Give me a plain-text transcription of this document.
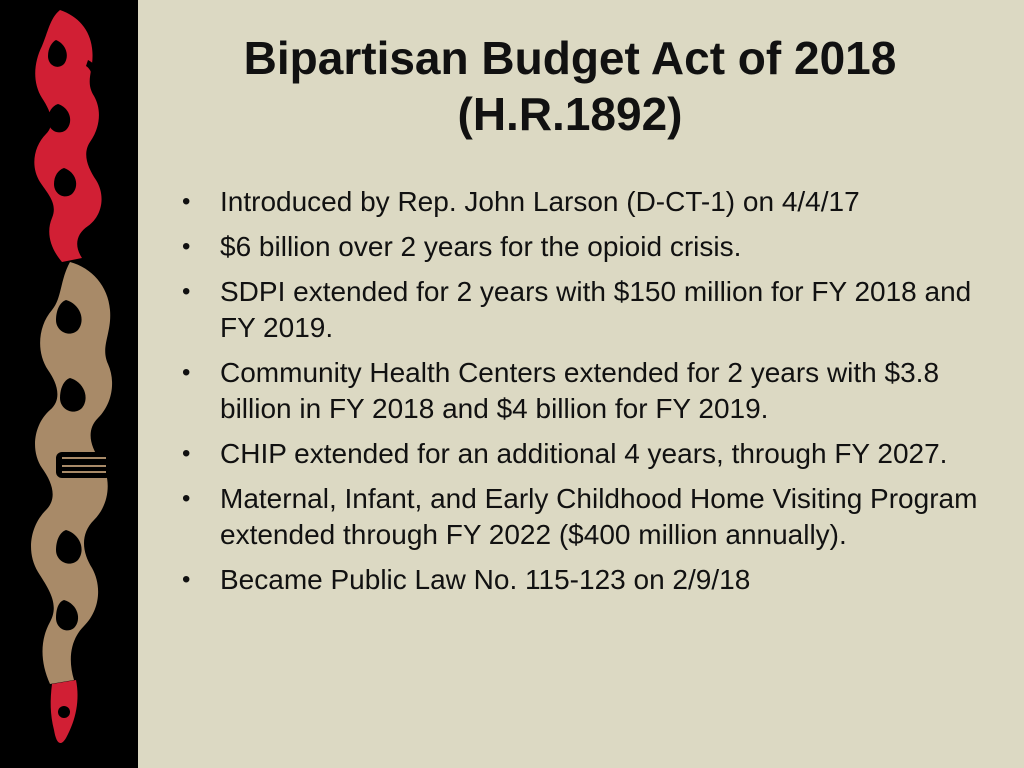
Bipartisan Budget Act of 2018
(H.R.1892)
• Introduced by Rep. John Larson (D-CT-1) on 4/4/17
• $6 billion over 2 years for the opioid crisis.
• SDPI extended for 2 years with $150 million for FY 2018 and FY 2019.
• Community Health Centers extended for 2 years with $3.8 billion in FY 2018 and $4 billion for FY 2019.
• CHIP extended for an additional 4 years, through FY 2027.
• Maternal, Infant, and Early Childhood Home Visiting Program extended through FY 2022 ($400 million annually).
• Became Public Law No. 115-123 on 2/9/18
